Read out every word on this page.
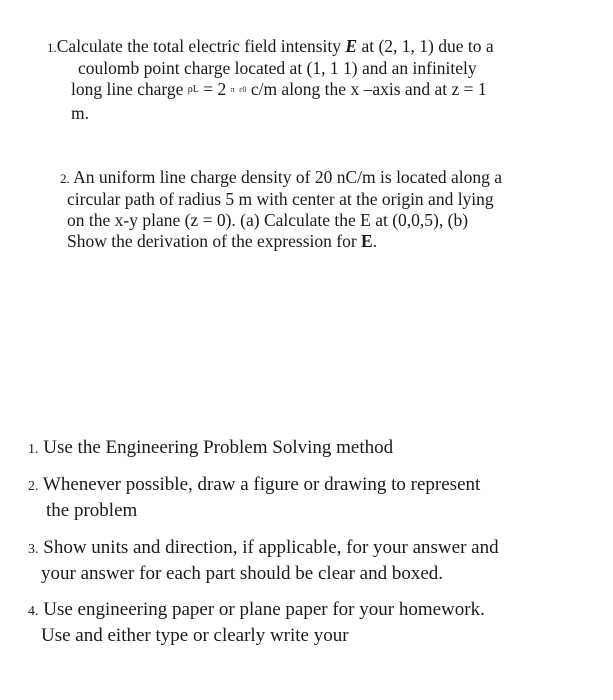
1.Calculate the total electric field intensity E at (2, 1, 1) due to a
coulomb point charge located at (1, 1 1) and an infinitely
long line charge ρL = 2 π ε0 c/m along the x –axis and at z = 1
m.
2. An uniform line charge density of 20 nC/m is located along a
circular path of radius 5 m with center at the origin and lying
on the x-y plane (z = 0). (a) Calculate the E at (0,0,5), (b)
Show the derivation of the expression for E.
1. Use the Engineering Problem Solving method
2. Whenever possible, draw a figure or drawing to represent
the problem
3. Show units and direction, if applicable, for your answer and
your answer for each part should be clear and boxed.
4. Use engineering paper or plane paper for your homework.
Use and either type or clearly write your
